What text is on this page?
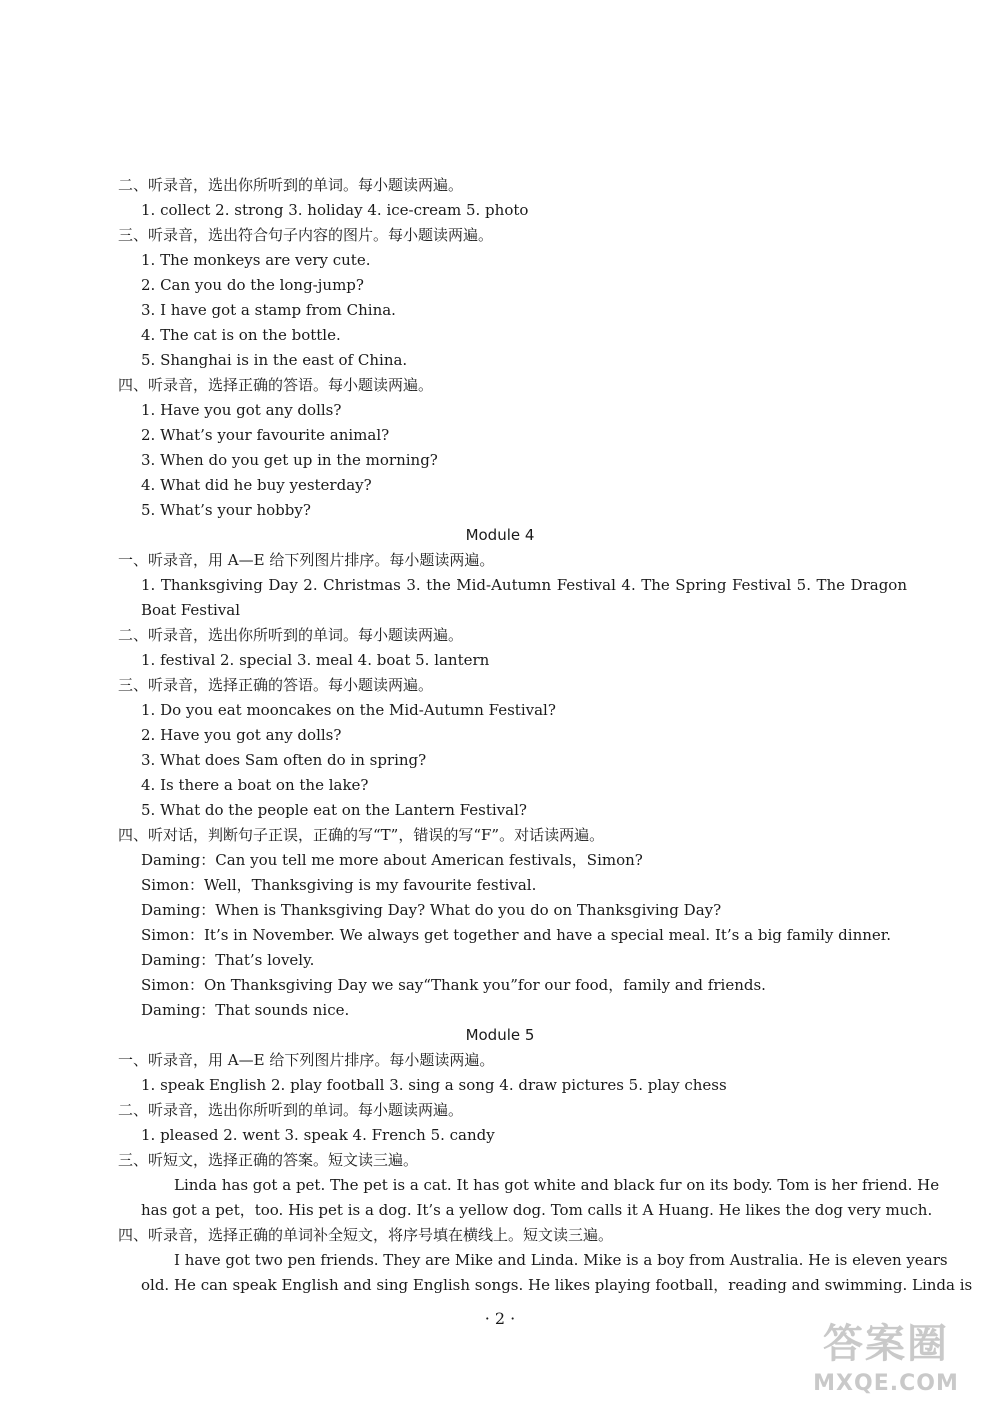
二、听录音，选出你所听到的单词。每小题读两遍。
1. collect 2. strong 3. holiday 4. ice-cream 5. photo
三、听录音，选出符合句子内容的图片。每小题读两遍。
1. The monkeys are very cute.
2. Can you do the long-jump?
3. I have got a stamp from China.
4. The cat is on the bottle.
5. Shanghai is in the east of China.
四、听录音，选择正确的答语。每小题读两遍。
1. Have you got any dolls?
2. What’s your favourite animal?
3. When do you get up in the morning?
4. What did he buy yesterday?
5. What’s your hobby?
Module 4
一、听录音，用 A—E 给下列图片排序。每小题读两遍。
1. Thanksgiving Day 2. Christmas 3. the Mid-Autumn Festival 4. The Spring Festival 5. The Dragon
Boat Festival
二、听录音，选出你所听到的单词。每小题读两遍。
1. festival 2. special 3. meal 4. boat 5. lantern
三、听录音，选择正确的答语。每小题读两遍。
1. Do you eat mooncakes on the Mid-Autumn Festival?
2. Have you got any dolls?
3. What does Sam often do in spring?
4. Is there a boat on the lake?
5. What do the people eat on the Lantern Festival?
四、听对话，判断句子正误，正确的写“T”，错误的写“F”。对话读两遍。
Daming：Can you tell me more about American festivals，Simon?
Simon：Well，Thanksgiving is my favourite festival.
Daming：When is Thanksgiving Day? What do you do on Thanksgiving Day?
Simon：It’s in November. We always get together and have a special meal. It’s a big family dinner.
Daming：That’s lovely.
Simon：On Thanksgiving Day we say“Thank you”for our food，family and friends.
Daming：That sounds nice.
Module 5
一、听录音，用 A—E 给下列图片排序。每小题读两遍。
1. speak English 2. play football 3. sing a song 4. draw pictures 5. play chess
二、听录音，选出你所听到的单词。每小题读两遍。
1. pleased 2. went 3. speak 4. French 5. candy
三、听短文，选择正确的答案。短文读三遍。
Linda has got a pet. The pet is a cat. It has got white and black fur on its body. Tom is her friend. He
has got a pet，too. His pet is a dog. It’s a yellow dog. Tom calls it A Huang. He likes the dog very much.
四、听录音，选择正确的单词补全短文，将序号填在横线上。短文读三遍。
I have got two pen friends. They are Mike and Linda. Mike is a boy from Australia. He is eleven years
old. He can speak English and sing English songs. He likes playing football，reading and swimming. Linda is
· 2 ·
答案圈
MXQE.COM
